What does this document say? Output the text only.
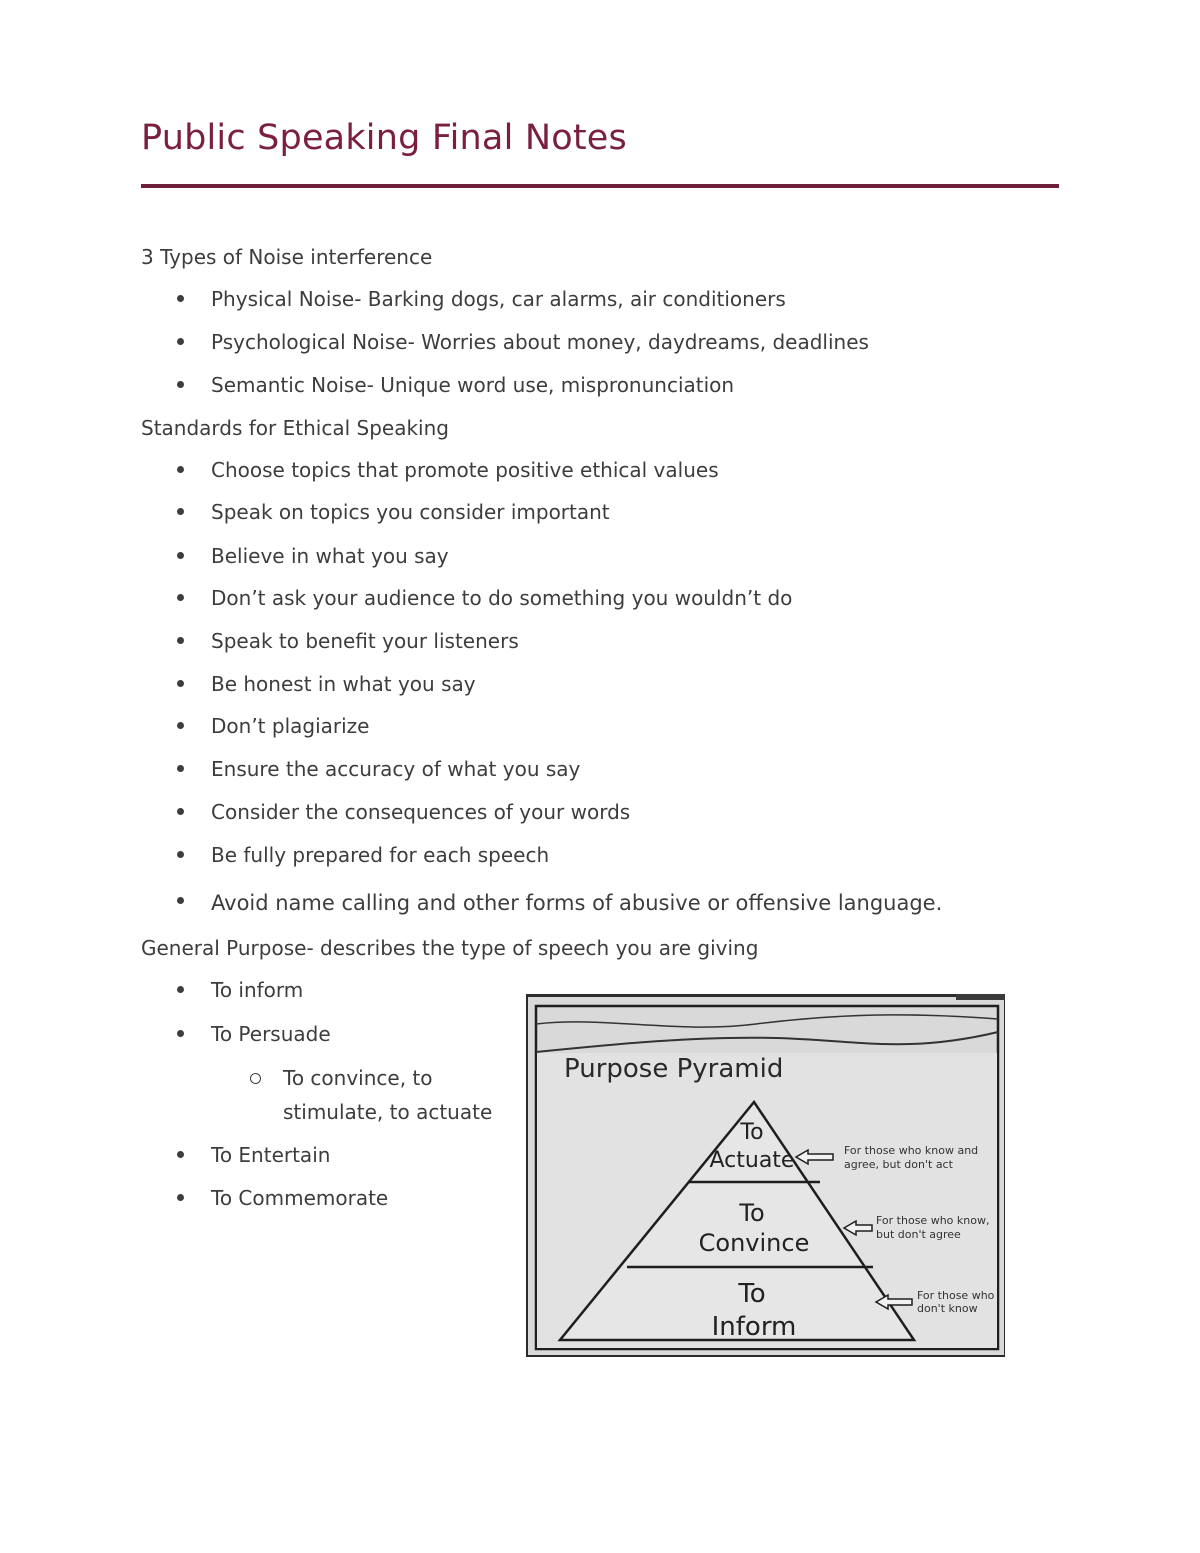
Public Speaking Final Notes
3 Types of Noise interference
Physical Noise- Barking dogs, car alarms, air conditioners
Psychological Noise- Worries about money, daydreams, deadlines
Semantic Noise- Unique word use, mispronunciation
Standards for Ethical Speaking
Choose topics that promote positive ethical values
Speak on topics you consider important
Believe in what you say
Don’t ask your audience to do something you wouldn’t do
Speak to benefit your listeners
Be honest in what you say
Don’t plagiarize
Ensure the accuracy of what you say
Consider the consequences of your words
Be fully prepared for each speech
Avoid name calling and other forms of abusive or offensive language.
General Purpose- describes the type of speech you are giving
To inform
To Persuade
To convince, to
stimulate, to actuate
To Entertain
To Commemorate
Purpose Pyramid
To
Actuate
To
Convince
To
Inform
For those who know and
agree, but don't act
For those who know,
but don't agree
For those who
don't know
